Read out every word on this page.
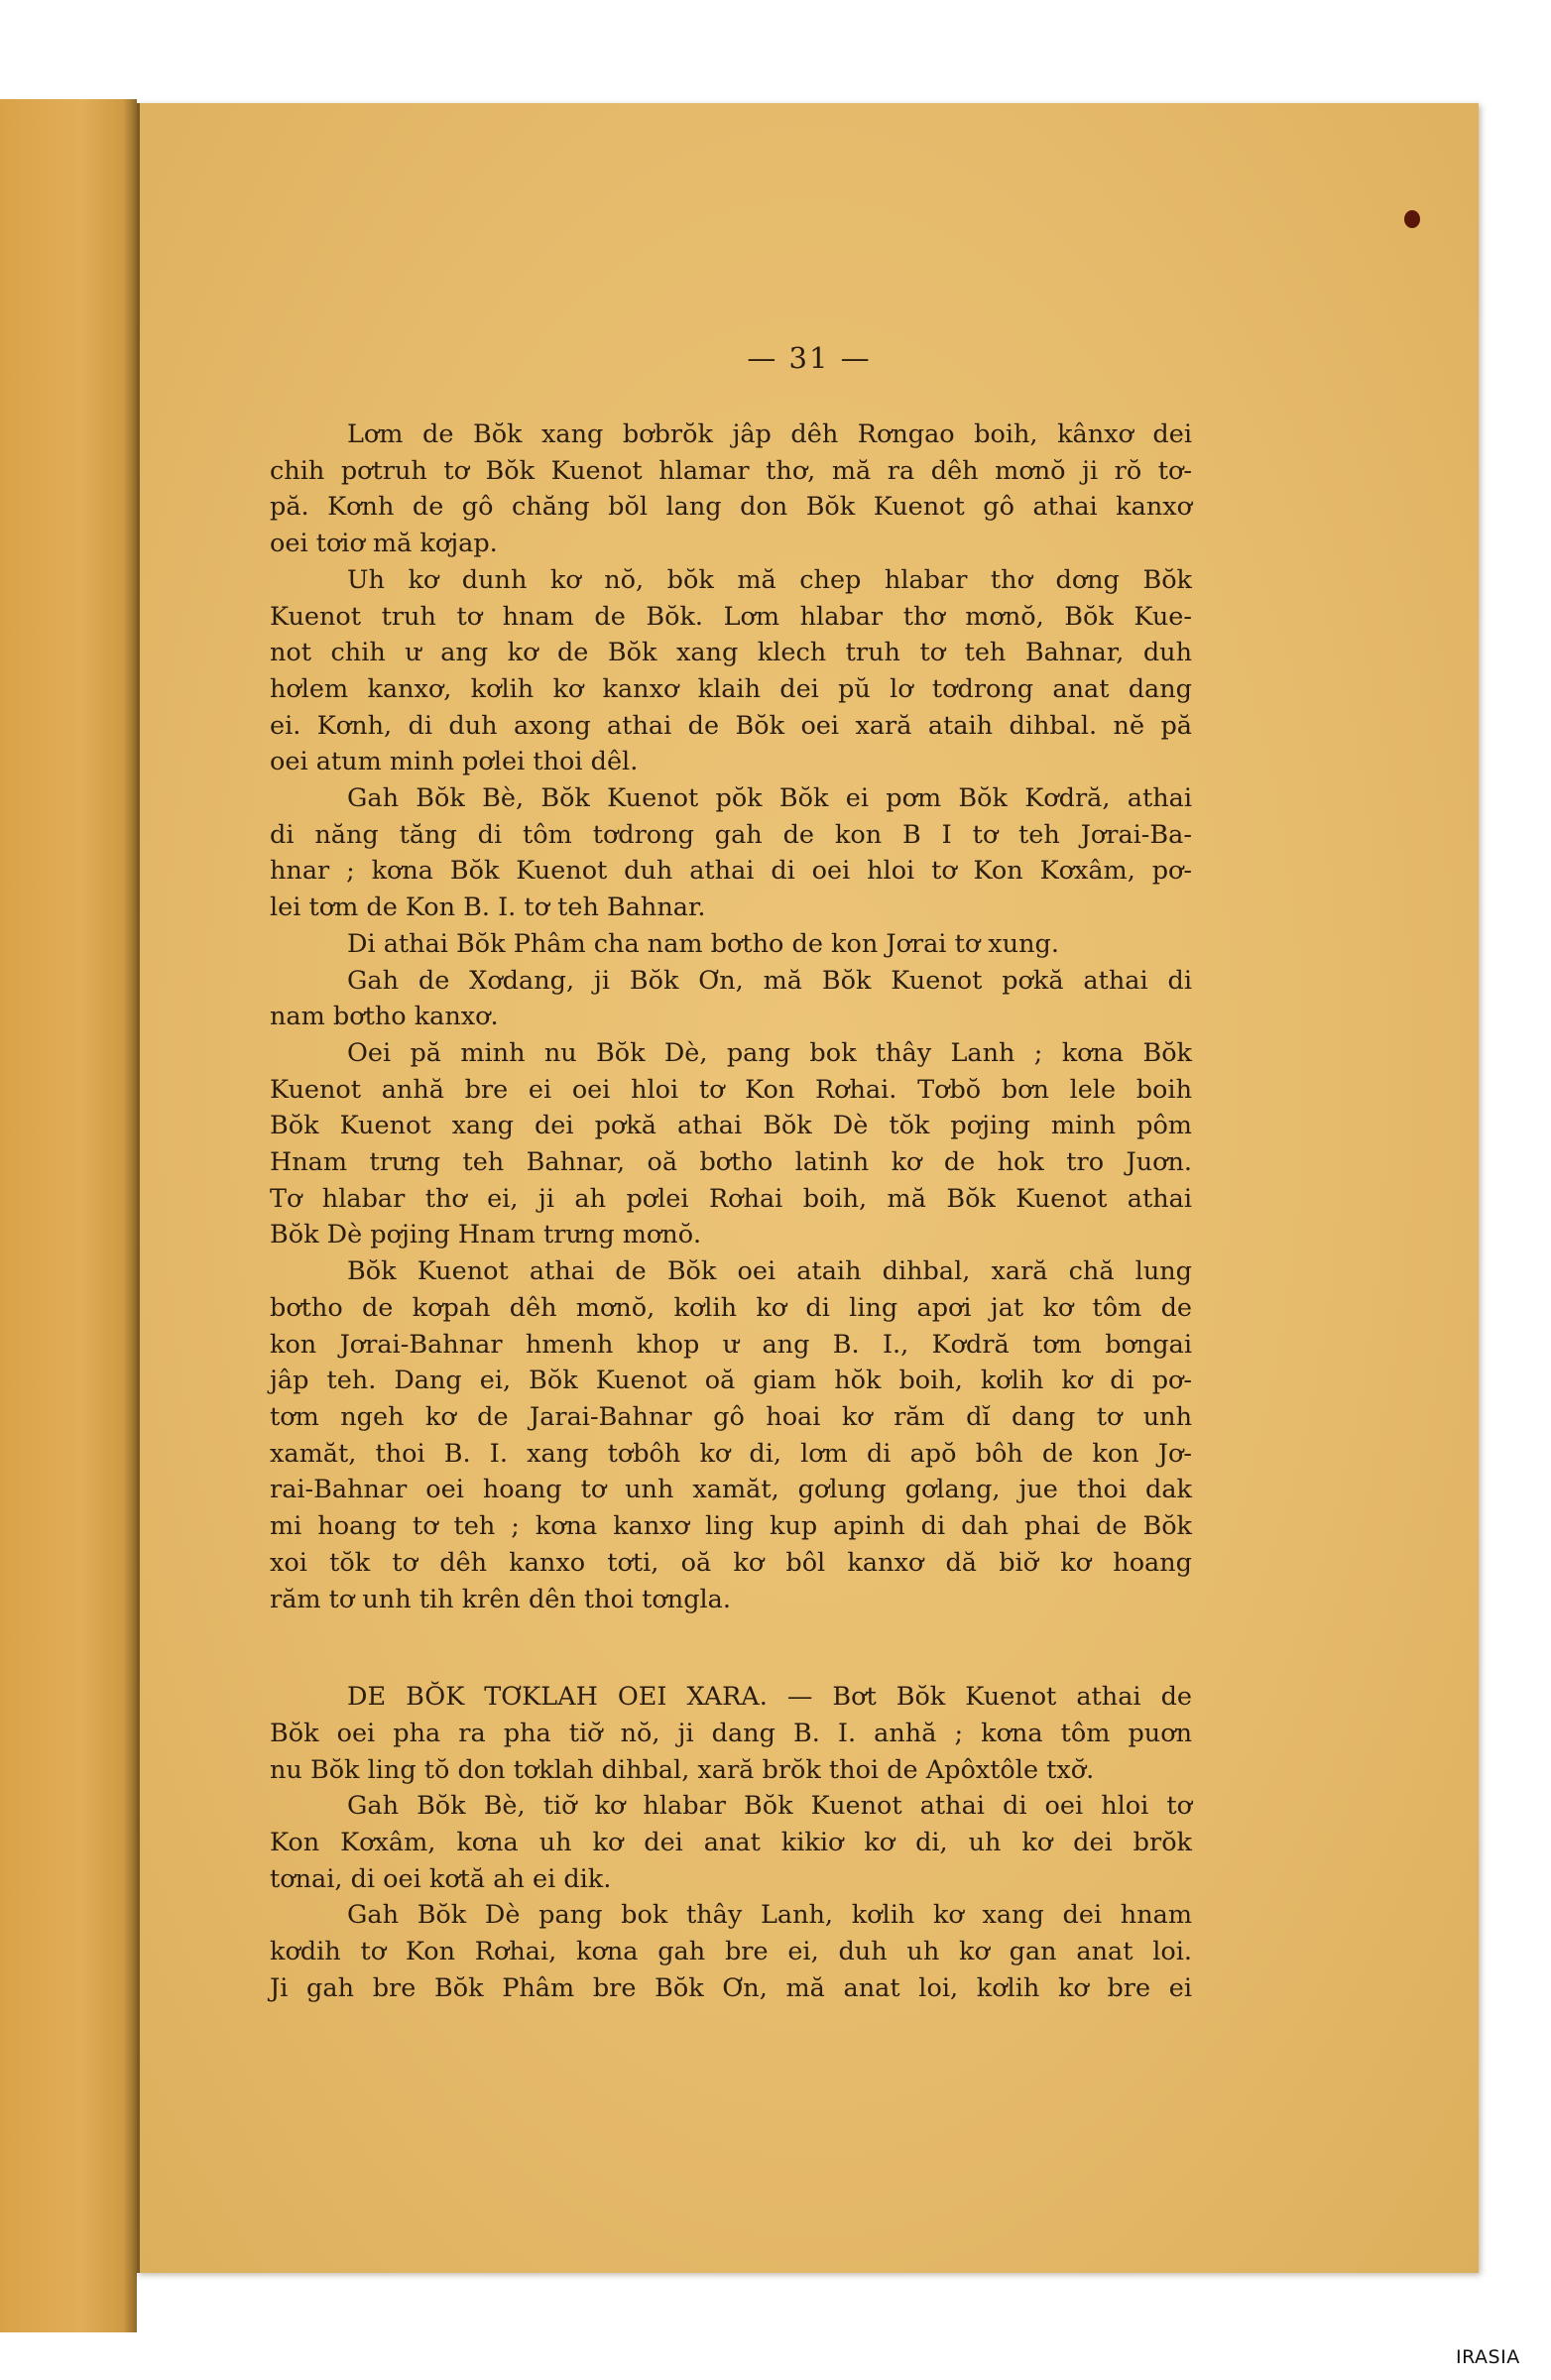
— 31 —
Lơm de Bŏk xang bơbrŏk jâp dêh Rơngao boih, kânxơ dei
chih pơtruh tơ Bŏk Kuenot hlamar thơ, mă ra dêh mơnŏ ji rŏ tơ-
pă. Kơnh de gô chăng bŏl lang don Bŏk Kuenot gô athai kanxơ
oei tơiơ mă kơjap.
Uh kơ dunh kơ nŏ, bŏk mă chep hlabar thơ dơng Bŏk
Kuenot truh tơ hnam de Bŏk. Lơm hlabar thơ mơnŏ, Bŏk Kue-
not chih ư ang kơ de Bŏk xang klech truh tơ teh Bahnar, duh
hơlem kanxơ, kơlih kơ kanxơ klaih dei pŭ lơ tơdrong anat dang
ei. Kơnh, di duh axong athai de Bŏk oei xară ataih dihbal. nĕ pă
oei atum minh pơlei thoi dêl.
Gah Bŏk Bè, Bŏk Kuenot pŏk Bŏk ei pơm Bŏk Kơdră, athai
di năng tăng di tôm tơdrong gah de kon B I tơ teh Jơrai-Ba-
hnar ; kơna Bŏk Kuenot duh athai di oei hloi tơ Kon Kơxâm, pơ-
lei tơm de Kon B. I. tơ teh Bahnar.
Di athai Bŏk Phâm cha nam bơtho de kon Jơrai tơ xung.
Gah de Xơdang, ji Bŏk Ơn, mă Bŏk Kuenot pơkă athai di
nam bơtho kanxơ.
Oei pă minh nu Bŏk Dè, pang bok thây Lanh ; kơna Bŏk
Kuenot anhă bre ei oei hloi tơ Kon Rơhai. Tơbŏ bơn lele boih
Bŏk Kuenot xang dei pơkă athai Bŏk Dè tŏk pơjing minh pôm
Hnam trưng teh Bahnar, oă bơtho latinh kơ de hok tro Juơn.
Tơ hlabar thơ ei, ji ah pơlei Rơhai boih, mă Bŏk Kuenot athai
Bŏk Dè pơjing Hnam trưng mơnŏ.
Bŏk Kuenot athai de Bŏk oei ataih dihbal, xară chă lung
bơtho de kơpah dêh mơnŏ, kơlih kơ di ling apơi jat kơ tôm de
kon Jơrai-Bahnar hmenh khop ư ang B. I., Kơdră tơm bơngai
jâp teh. Dang ei, Bŏk Kuenot oă giam hŏk boih, kơlih kơ di pơ-
tơm ngeh kơ de Jarai-Bahnar gô hoai kơ răm dĭ dang tơ unh
xamăt, thoi B. I. xang tơbôh kơ di, lơm di apŏ bôh de kon Jơ-
rai-Bahnar oei hoang tơ unh xamăt, gơlung gơlang, jue thoi dak
mi hoang tơ teh ; kơna kanxơ ling kup apinh di dah phai de Bŏk
xoi tŏk tơ dêh kanxo tơti, oă kơ bôl kanxơ dă biơ̆ kơ hoang
răm tơ unh tih krên dên thoi tơngla.
DE BŎK TƠKLAH OEI XARA. — Bơt Bŏk Kuenot athai de
Bŏk oei pha ra pha tiơ̆ nŏ, ji dang B. I. anhă ; kơna tôm puơn
nu Bŏk ling tŏ don tơklah dihbal, xară brŏk thoi de Apôxtôle txơ̆.
Gah Bŏk Bè, tiơ̆ kơ hlabar Bŏk Kuenot athai di oei hloi tơ
Kon Kơxâm, kơna uh kơ dei anat kikiơ kơ di, uh kơ dei brŏk
tơnai, di oei kơtă ah ei dik.
Gah Bŏk Dè pang bok thây Lanh, kơlih kơ xang dei hnam
kơdih tơ Kon Rơhai, kơna gah bre ei, duh uh kơ gan anat loi.
Ji gah bre Bŏk Phâm bre Bŏk Ơn, mă anat loi, kơlih kơ bre ei
IRASIA
